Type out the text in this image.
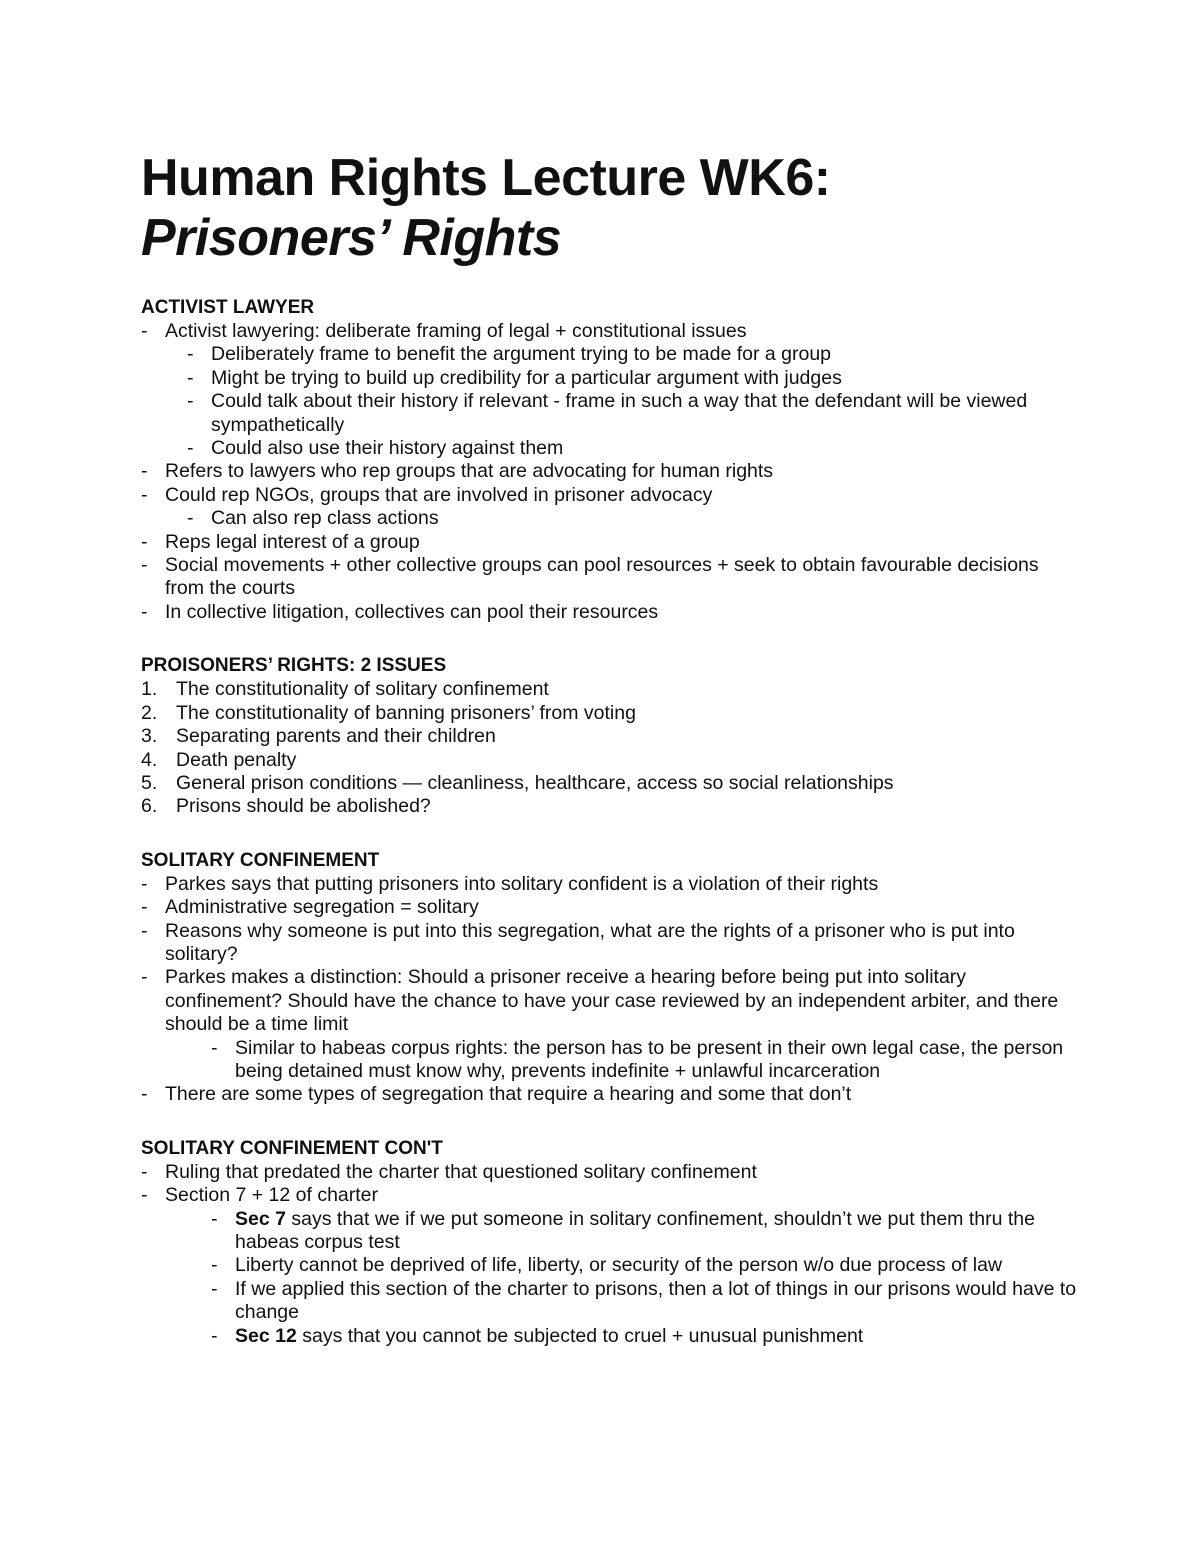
Human Rights Lecture WK6:
Prisoners’ Rights
ACTIVIST LAWYER
- Activist lawyering: deliberate framing of legal + constitutional issues
- Deliberately frame to benefit the argument trying to be made for a group
- Might be trying to build up credibility for a particular argument with judges
- Could talk about their history if relevant - frame in such a way that the defendant will be viewed sympathetically
- Could also use their history against them
- Refers to lawyers who rep groups that are advocating for human rights
- Could rep NGOs, groups that are involved in prisoner advocacy
- Can also rep class actions
- Reps legal interest of a group
- Social movements + other collective groups can pool resources + seek to obtain favourable decisions from the courts
- In collective litigation, collectives can pool their resources
PROISONERS’ RIGHTS: 2 ISSUES
1. The constitutionality of solitary confinement
2. The constitutionality of banning prisoners’ from voting
3. Separating parents and their children
4. Death penalty
5. General prison conditions — cleanliness, healthcare, access so social relationships
6. Prisons should be abolished?
SOLITARY CONFINEMENT
- Parkes says that putting prisoners into solitary confident is a violation of their rights
- Administrative segregation = solitary
- Reasons why someone is put into this segregation, what are the rights of a prisoner who is put into solitary?
- Parkes makes a distinction: Should a prisoner receive a hearing before being put into solitary confinement? Should have the chance to have your case reviewed by an independent arbiter, and there should be a time limit
- Similar to habeas corpus rights: the person has to be present in their own legal case, the person being detained must know why, prevents indefinite + unlawful incarceration
- There are some types of segregation that require a hearing and some that don’t
SOLITARY CONFINEMENT CON'T
- Ruling that predated the charter that questioned solitary confinement
- Section 7 + 12 of charter
- Sec 7 says that we if we put someone in solitary confinement, shouldn’t we put them thru the habeas corpus test
- Liberty cannot be deprived of life, liberty, or security of the person w/o due process of law
- If we applied this section of the charter to prisons, then a lot of things in our prisons would have to change
- Sec 12 says that you cannot be subjected to cruel + unusual punishment
